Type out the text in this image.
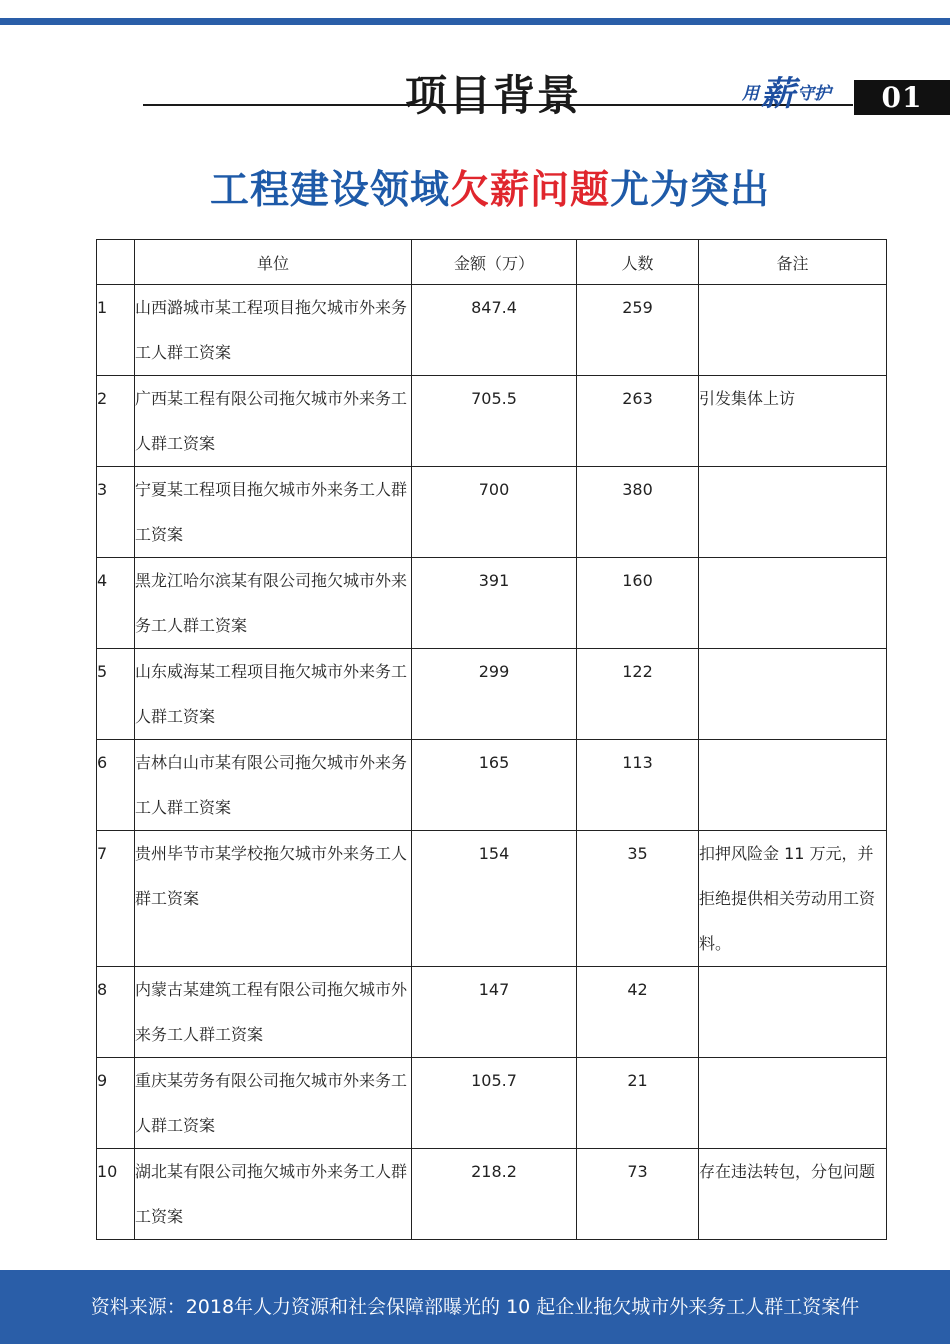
项目背景	用薪 守护	01
工程建设领域欠薪问题尤为突出
	单位	金额（万）	人数	备注
1	山西潞城市某工程项目拖欠城市外来务工人群工资案	847.4	259	
2	广西某工程有限公司拖欠城市外来务工人群工资案	705.5	263	引发集体上访
3	宁夏某工程项目拖欠城市外来务工人群工资案	700	380	
4	黑龙江哈尔滨某有限公司拖欠城市外来务工人群工资案	391	160	
5	山东威海某工程项目拖欠城市外来务工人群工资案	299	122	
6	吉林白山市某有限公司拖欠城市外来务工人群工资案	165	113	
7	贵州毕节市某学校拖欠城市外来务工人群工资案	154	35	扣押风险金 11 万元，并拒绝提供相关劳动用工资料。
8	内蒙古某建筑工程有限公司拖欠城市外来务工人群工资案	147	42	
9	重庆某劳务有限公司拖欠城市外来务工人群工资案	105.7	21	
10	湖北某有限公司拖欠城市外来务工人群工资案	218.2	73	存在违法转包，分包问题
资料来源：2018年人力资源和社会保障部曝光的 10 起企业拖欠城市外来务工人群工资案件
